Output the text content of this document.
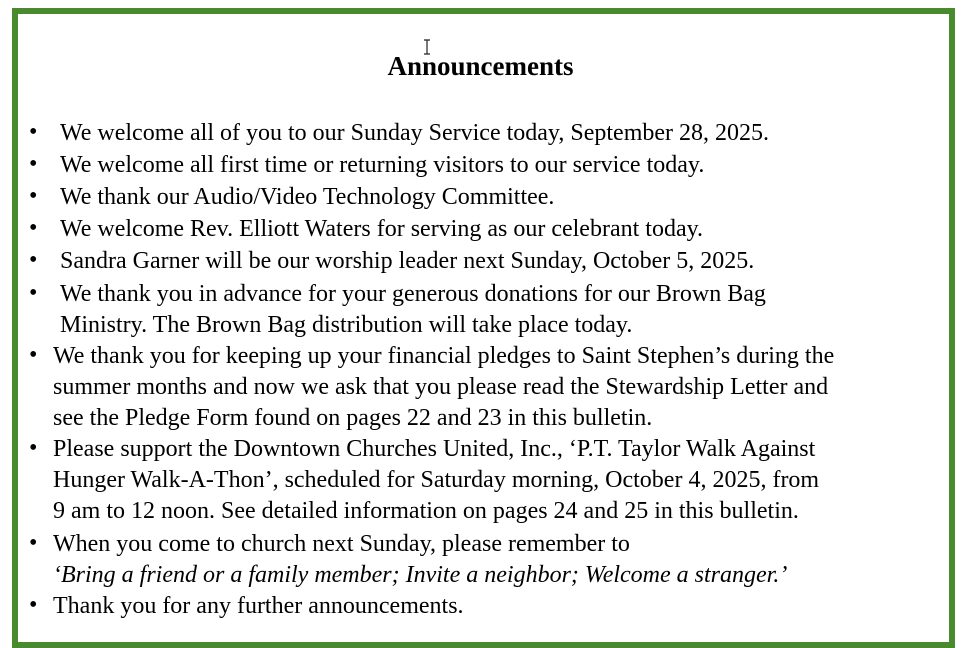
Announcements
• We welcome all of you to our Sunday Service today, September 28, 2025.
• We welcome all first time or returning visitors to our service today.
• We thank our Audio/Video Technology Committee.
• We welcome Rev. Elliott Waters for serving as our celebrant today.
• Sandra Garner will be our worship leader next Sunday, October 5, 2025.
• We thank you in advance for your generous donations for our Brown Bag
Ministry. The Brown Bag distribution will take place today.
• We thank you for keeping up your financial pledges to Saint Stephen’s during the
summer months and now we ask that you please read the Stewardship Letter and
see the Pledge Form found on pages 22 and 23 in this bulletin.
• Please support the Downtown Churches United, Inc., ‘P.T. Taylor Walk Against
Hunger Walk-A-Thon’, scheduled for Saturday morning, October 4, 2025, from
9 am to 12 noon. See detailed information on pages 24 and 25 in this bulletin.
• When you come to church next Sunday, please remember to
‘Bring a friend or a family member; Invite a neighbor; Welcome a stranger.’
• Thank you for any further announcements.
